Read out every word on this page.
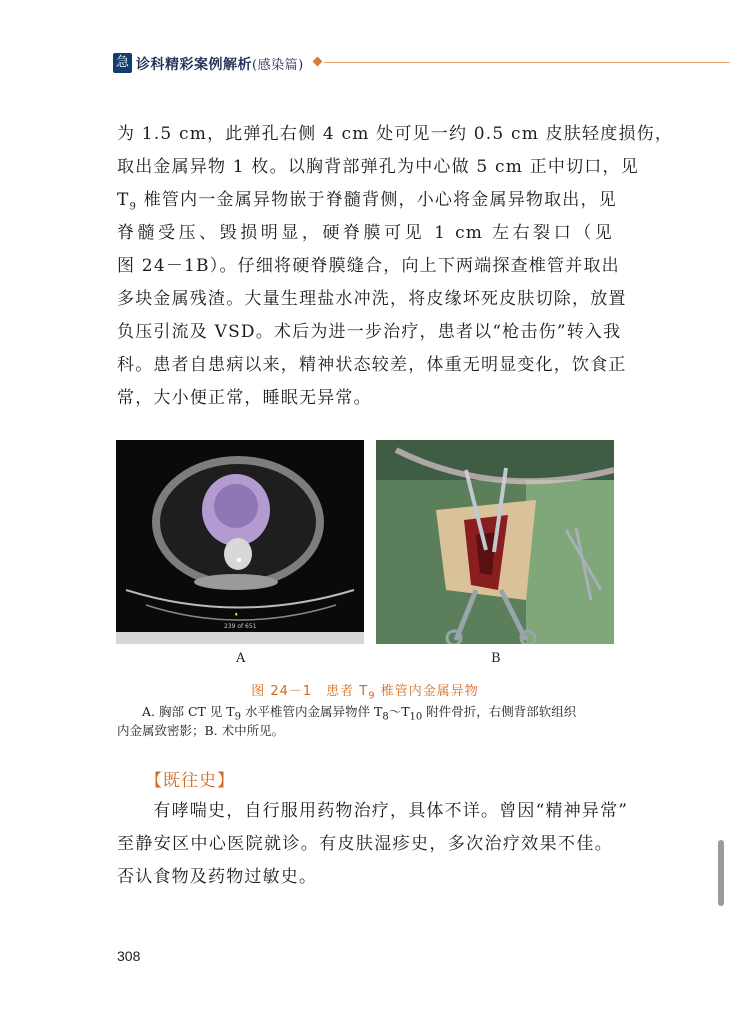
急 诊科精彩案例解析(感染篇)
为 1.5 cm，此弹孔右侧 4 cm 处可见一约 0.5 cm 皮肤轻度损伤，
取出金属异物 1 枚。以胸背部弹孔为中心做 5 cm 正中切口，见
$T_9$ 椎管内一金属异物嵌于脊髓背侧，小心将金属异物取出，见
脊髓受压、毁损明显，硬脊膜可见 1 cm 左右裂口（见
图 24－1B）。仔细将硬脊膜缝合，向上下两端探查椎管并取出
多块金属残渣。大量生理盐水冲洗，将皮缘坏死皮肤切除，放置
负压引流及 VSD。术后为进一步治疗，患者以“枪击伤”转入我
科。患者自患病以来，精神状态较差，体重无明显变化，饮食正
常，大小便正常，睡眠无异常。
♦
239 of 651
A	B
图 24－1　患者 $T_9$ 椎管内金属异物
A. 胸部 CT 见 $T_9$ 水平椎管内金属异物伴 $T_8\sim T_{10}$ 附件骨折，右侧背部软组织
内金属致密影；B. 术中所见。
【既往史】
　　有哮喘史，自行服用药物治疗，具体不详。曾因“精神异常”
至静安区中心医院就诊。有皮肤湿疹史，多次治疗效果不佳。
否认食物及药物过敏史。
308
